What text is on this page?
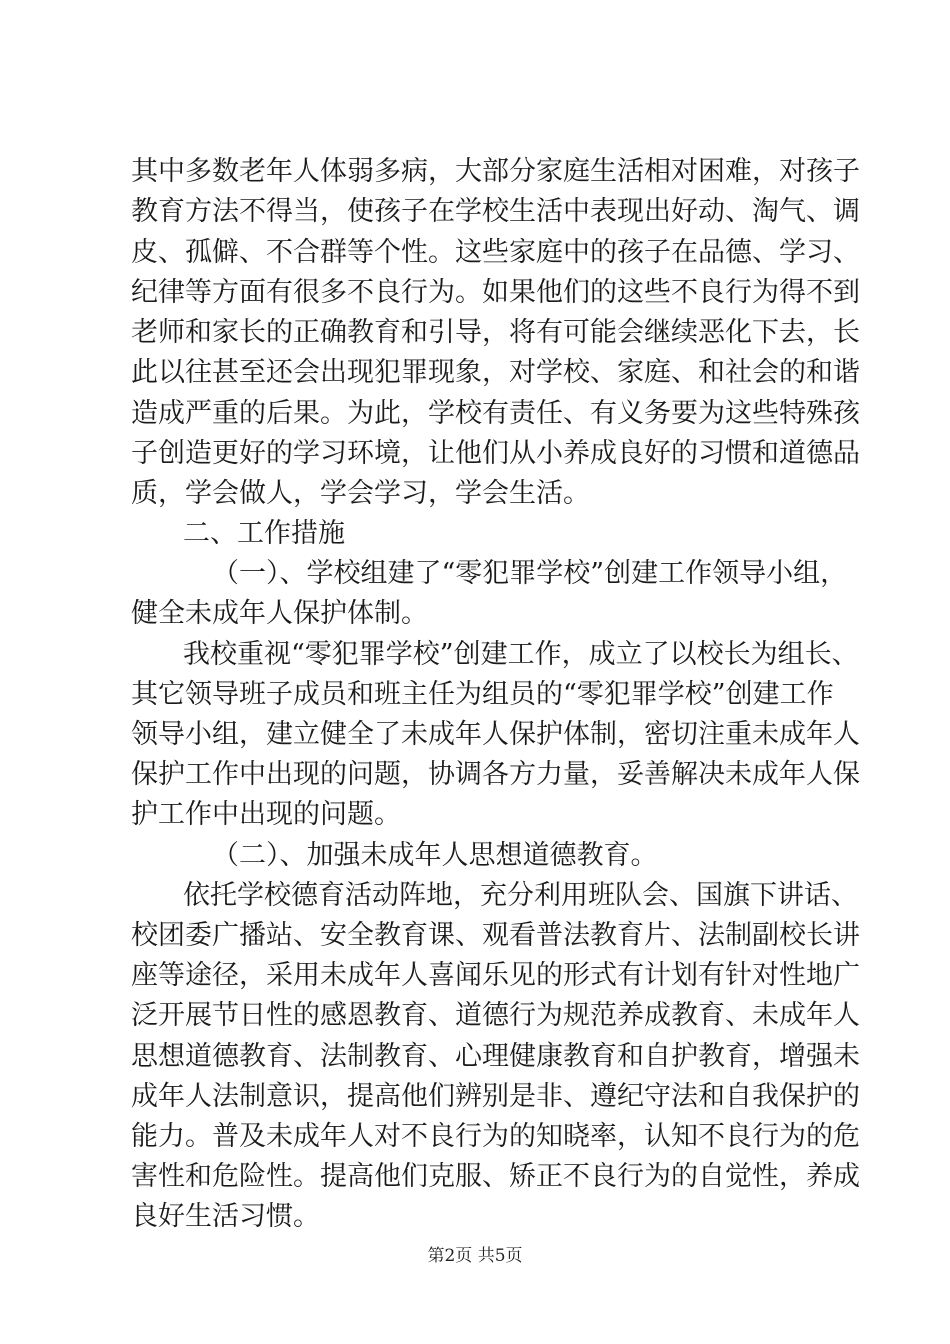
其中多数老年人体弱多病，大部分家庭生活相对困难，对孩子
教育方法不得当，使孩子在学校生活中表现出好动、淘气、调
皮、孤僻、不合群等个性。这些家庭中的孩子在品德、学习、
纪律等方面有很多不良行为。如果他们的这些不良行为得不到
老师和家长的正确教育和引导，将有可能会继续恶化下去，长
此以往甚至还会出现犯罪现象，对学校、家庭、和社会的和谐
造成严重的后果。为此，学校有责任、有义务要为这些特殊孩
子创造更好的学习环境，让他们从小养成良好的习惯和道德品
质，学会做人，学会学习，学会生活。
二、工作措施
（一）、学校组建了“零犯罪学校”创建工作领导小组，
健全未成年人保护体制。
我校重视“零犯罪学校”创建工作，成立了以校长为组长、
其它领导班子成员和班主任为组员的“零犯罪学校”创建工作
领导小组，建立健全了未成年人保护体制，密切注重未成年人
保护工作中出现的问题，协调各方力量，妥善解决未成年人保
护工作中出现的问题。
（二）、加强未成年人思想道德教育。
依托学校德育活动阵地，充分利用班队会、国旗下讲话、
校团委广播站、安全教育课、观看普法教育片、法制副校长讲
座等途径，采用未成年人喜闻乐见的形式有计划有针对性地广
泛开展节日性的感恩教育、道德行为规范养成教育、未成年人
思想道德教育、法制教育、心理健康教育和自护教育，增强未
成年人法制意识，提高他们辨别是非、遵纪守法和自我保护的
能力。普及未成年人对不良行为的知晓率，认知不良行为的危
害性和危险性。提高他们克服、矫正不良行为的自觉性，养成
良好生活习惯。
第2页 共5页
